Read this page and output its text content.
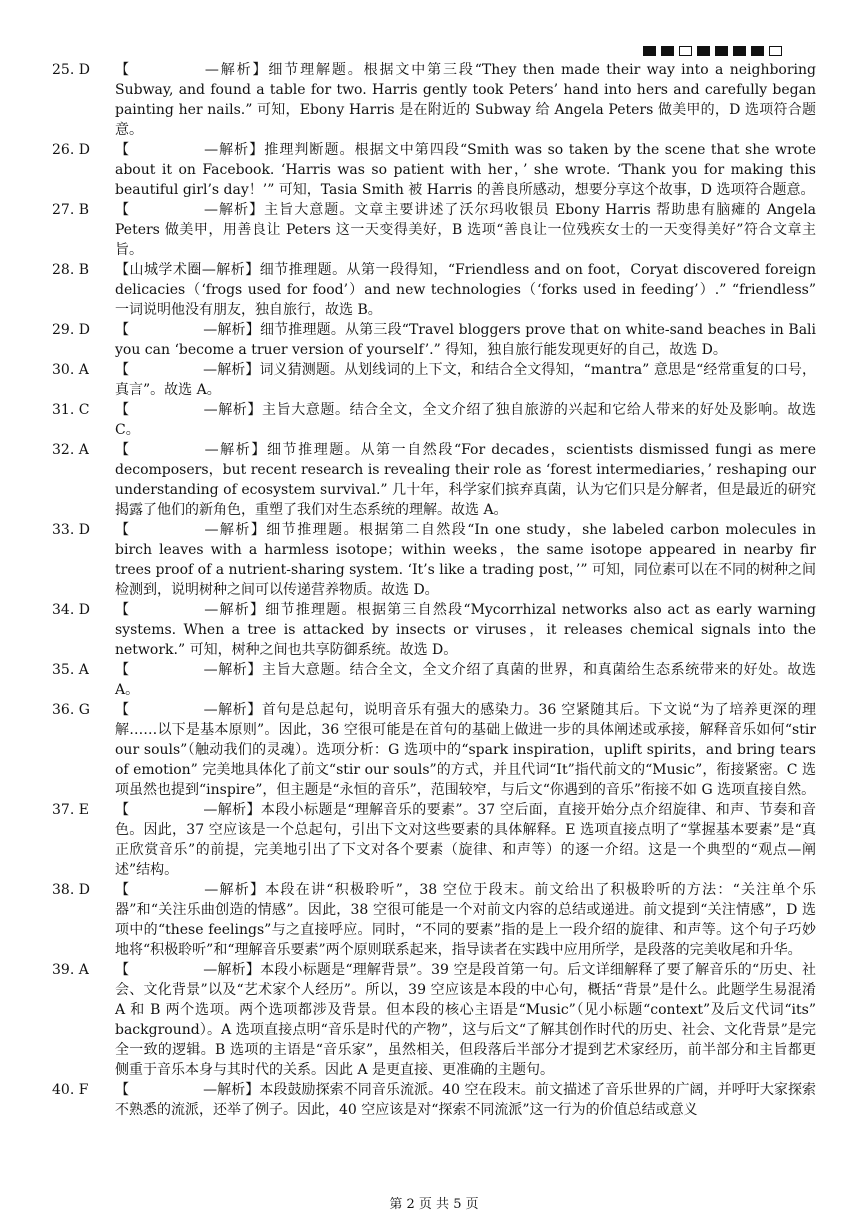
25. D	【	—解析】细节理解题。根据文中第三段“They then made their way into a neighboring Subway, and found a table for two. Harris gently took Peters’ hand into hers and carefully began painting her nails.” 可知，Ebony Harris 是在附近的 Subway 给 Angela Peters 做美甲的，D 选项符合题意。
26. D	【	—解析】推理判断题。根据文中第四段“Smith was so taken by the scene that she wrote about it on Facebook. ‘Harris was so patient with her，’ she wrote. ‘Thank you for making this beautiful girl’s day！’” 可知，Tasia Smith 被 Harris 的善良所感动，想要分享这个故事，D 选项符合题意。
27. B	【	—解析】主旨大意题。文章主要讲述了沃尔玛收银员 Ebony Harris 帮助患有脑瘫的 Angela Peters 做美甲，用善良让 Peters 这一天变得美好，B 选项“善良让一位残疾女士的一天变得美好”符合文章主旨。
28. B	【山城学术圈—解析】细节推理题。从第一段得知，“Friendless and on foot，Coryat discovered foreign delicacies（‘frogs used for food’）and new technologies（‘forks used in feeding’）.” “friendless” 一词说明他没有朋友，独自旅行，故选 B。
29. D	【	—解析】细节推理题。从第三段“Travel bloggers prove that on white-sand beaches in Bali you can ‘become a truer version of yourself’.” 得知，独自旅行能发现更好的自己，故选 D。
30. A	【	—解析】词义猜测题。从划线词的上下文，和结合全文得知，“mantra” 意思是“经常重复的口号，真言”。故选 A。
31. C	【	—解析】主旨大意题。结合全文，全文介绍了独自旅游的兴起和它给人带来的好处及影响。故选 C。
32. A	【	—解析】细节推理题。从第一自然段“For decades，scientists dismissed fungi as mere decomposers，but recent research is revealing their role as ‘forest intermediaries，’ reshaping our understanding of ecosystem survival.” 几十年，科学家们摈弃真菌，认为它们只是分解者，但是最近的研究揭露了他们的新角色，重塑了我们对生态系统的理解。故选 A。
33. D	【	—解析】细节推理题。根据第二自然段“In one study，she labeled carbon molecules in birch leaves with a harmless isotope；within weeks，the same isotope appeared in nearby fir trees proof of a nutrient-sharing system. ‘It’s like a trading post，’” 可知，同位素可以在不同的树种之间检测到，说明树种之间可以传递营养物质。故选 D。
34. D	【	—解析】细节推理题。根据第三自然段“Mycorrhizal networks also act as early warning systems. When a tree is attacked by insects or viruses，it releases chemical signals into the network.” 可知，树种之间也共享防御系统。故选 D。
35. A	【	—解析】主旨大意题。结合全文，全文介绍了真菌的世界，和真菌给生态系统带来的好处。故选 A。
36. G	【	—解析】首句是总起句，说明音乐有强大的感染力。36 空紧随其后。下文说“为了培养更深的理解……以下是基本原则”。因此，36 空很可能是在首句的基础上做进一步的具体阐述或承接，解释音乐如何“stir our souls”（触动我们的灵魂）。选项分析：G 选项中的“spark inspiration，uplift spirits，and bring tears of emotion” 完美地具体化了前文“stir our souls”的方式，并且代词“It”指代前文的“Music”，衔接紧密。C 选项虽然也提到“inspire”，但主题是“永恒的音乐”，范围较窄，与后文“你遇到的音乐”衔接不如 G 选项直接自然。
37. E	【	—解析】本段小标题是“理解音乐的要素”。37 空后面，直接开始分点介绍旋律、和声、节奏和音色。因此，37 空应该是一个总起句，引出下文对这些要素的具体解释。E 选项直接点明了“掌握基本要素”是“真正欣赏音乐”的前提，完美地引出了下文对各个要素（旋律、和声等）的逐一介绍。这是一个典型的“观点—阐述”结构。
38. D	【	—解析】本段在讲“积极聆听”，38 空位于段末。前文给出了积极聆听的方法：“关注单个乐器”和“关注乐曲创造的情感”。因此，38 空很可能是一个对前文内容的总结或递进。前文提到“关注情感”，D 选项中的“these feelings”与之直接呼应。同时，“不同的要素”指的是上一段介绍的旋律、和声等。这个句子巧妙地将“积极聆听”和“理解音乐要素”两个原则联系起来，指导读者在实践中应用所学，是段落的完美收尾和升华。
39. A	【	—解析】本段小标题是“理解背景”。39 空是段首第一句。后文详细解释了要了解音乐的“历史、社会、文化背景”以及“艺术家个人经历”。所以，39 空应该是本段的中心句，概括“背景”是什么。此题学生易混淆 A 和 B 两个选项。两个选项都涉及背景。但本段的核心主语是“Music”（见小标题“context”及后文代词“its” background）。A 选项直接点明“音乐是时代的产物”，这与后文“了解其创作时代的历史、社会、文化背景”是完全一致的逻辑。B 选项的主语是“音乐家”，虽然相关，但段落后半部分才提到艺术家经历，前半部分和主旨都更侧重于音乐本身与其时代的关系。因此 A 是更直接、更准确的主题句。
40. F	【	—解析】本段鼓励探索不同音乐流派。40 空在段末。前文描述了音乐世界的广阔，并呼吁大家探索不熟悉的流派，还举了例子。因此，40 空应该是对“探索不同流派”这一行为的价值总结或意义
第 2 页 共 5 页
